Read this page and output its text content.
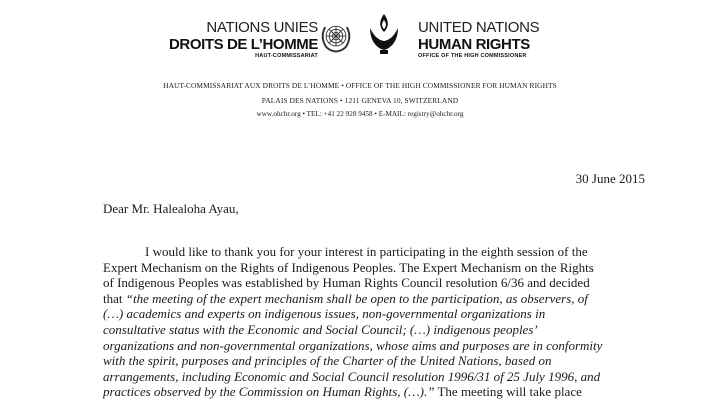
NATIONS UNIES
DROITS DE L’HOMME
HAUT-COMMISSARIAT
UNITED NATIONS
HUMAN RIGHTS
OFFICE OF THE HIGH COMMISSIONER
HAUT-COMMISSARIAT AUX DROITS DE L’HOMME • OFFICE OF THE HIGH COMMISSIONER FOR HUMAN RIGHTS
PALAIS DES NATIONS • 1211 GENEVA 10, SWITZERLAND
www.ohchr.org • TEL: +41 22 928 9458 • E-MAIL: registry@ohchr.org
30 June 2015
Dear Mr. Halealoha Ayau,

I would like to thank you for your interest in participating in the eighth session of the

Expert Mechanism on the Rights of Indigenous Peoples. The Expert Mechanism on the Rights

of Indigenous Peoples was established by Human Rights Council resolution 6/36 and decided

that “the meeting of the expert mechanism shall be open to the participation, as observers, of

(…) academics and experts on indigenous issues, non-governmental organizations in

consultative status with the Economic and Social Council; (…) indigenous peoples’

organizations and non-governmental organizations, whose aims and purposes are in conformity

with the spirit, purposes and principles of the Charter of the United Nations, based on

arrangements, including Economic and Social Council resolution 1996/31 of 25 July 1996, and

practices observed by the Commission on Human Rights, (…).” The meeting will take place
